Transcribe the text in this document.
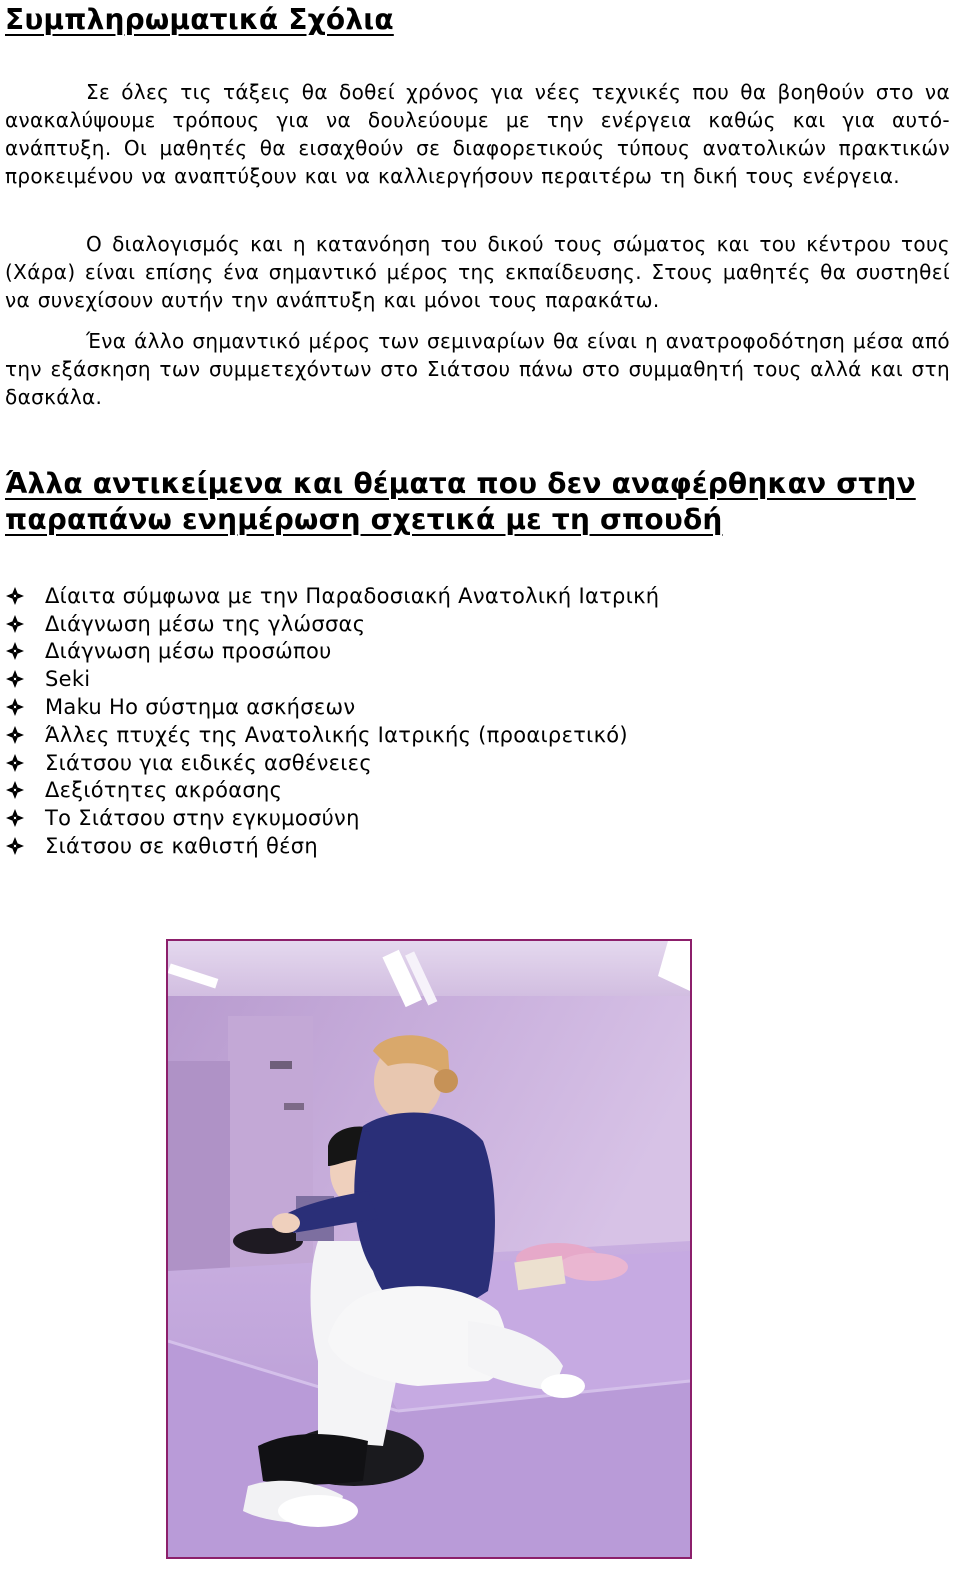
Συμπληρωματικά Σχόλια

Σε όλες τις τάξεις θα δοθεί χρόνος για νέες τεχνικές που θα βοηθούν στο να ανακαλύψουμε τρόπους για να δουλεύουμε με την ενέργεια καθώς και για αυτό-ανάπτυξη. Οι μαθητές θα εισαχθούν σε διαφορετικούς τύπους ανατολικών πρακτικών προκειμένου να αναπτύξουν και να καλλιεργήσουν περαιτέρω τη δική τους ενέργεια.

Ο διαλογισμός και η κατανόηση του δικού τους σώματος και του κέντρου τους (Χάρα) είναι επίσης ένα σημαντικό μέρος της εκπαίδευσης. Στους μαθητές θα συστηθεί να συνεχίσουν αυτήν την ανάπτυξη και μόνοι τους παρακάτω.

Ένα άλλο σημαντικό μέρος των σεμιναρίων θα είναι η ανατροφοδότηση μέσα από την εξάσκηση των συμμετεχόντων στο Σιάτσου πάνω στο συμμαθητή τους αλλά και στη δασκάλα.

Άλλα αντικείμενα και θέματα που δεν αναφέρθηκαν στην παραπάνω ενημέρωση σχετικά με τη σπουδή
Δίαιτα σύμφωνα με την Παραδοσιακή Ανατολική Ιατρική
Διάγνωση μέσω της γλώσσας
Διάγνωση μέσω προσώπου
Seki
Maku Ho σύστημα ασκήσεων
Άλλες πτυχές της Ανατολικής Ιατρικής (προαιρετικό)
Σιάτσου για ειδικές ασθένειες
Δεξιότητες ακρόασης
Το Σιάτσου στην εγκυμοσύνη
Σιάτσου σε καθιστή θέση
